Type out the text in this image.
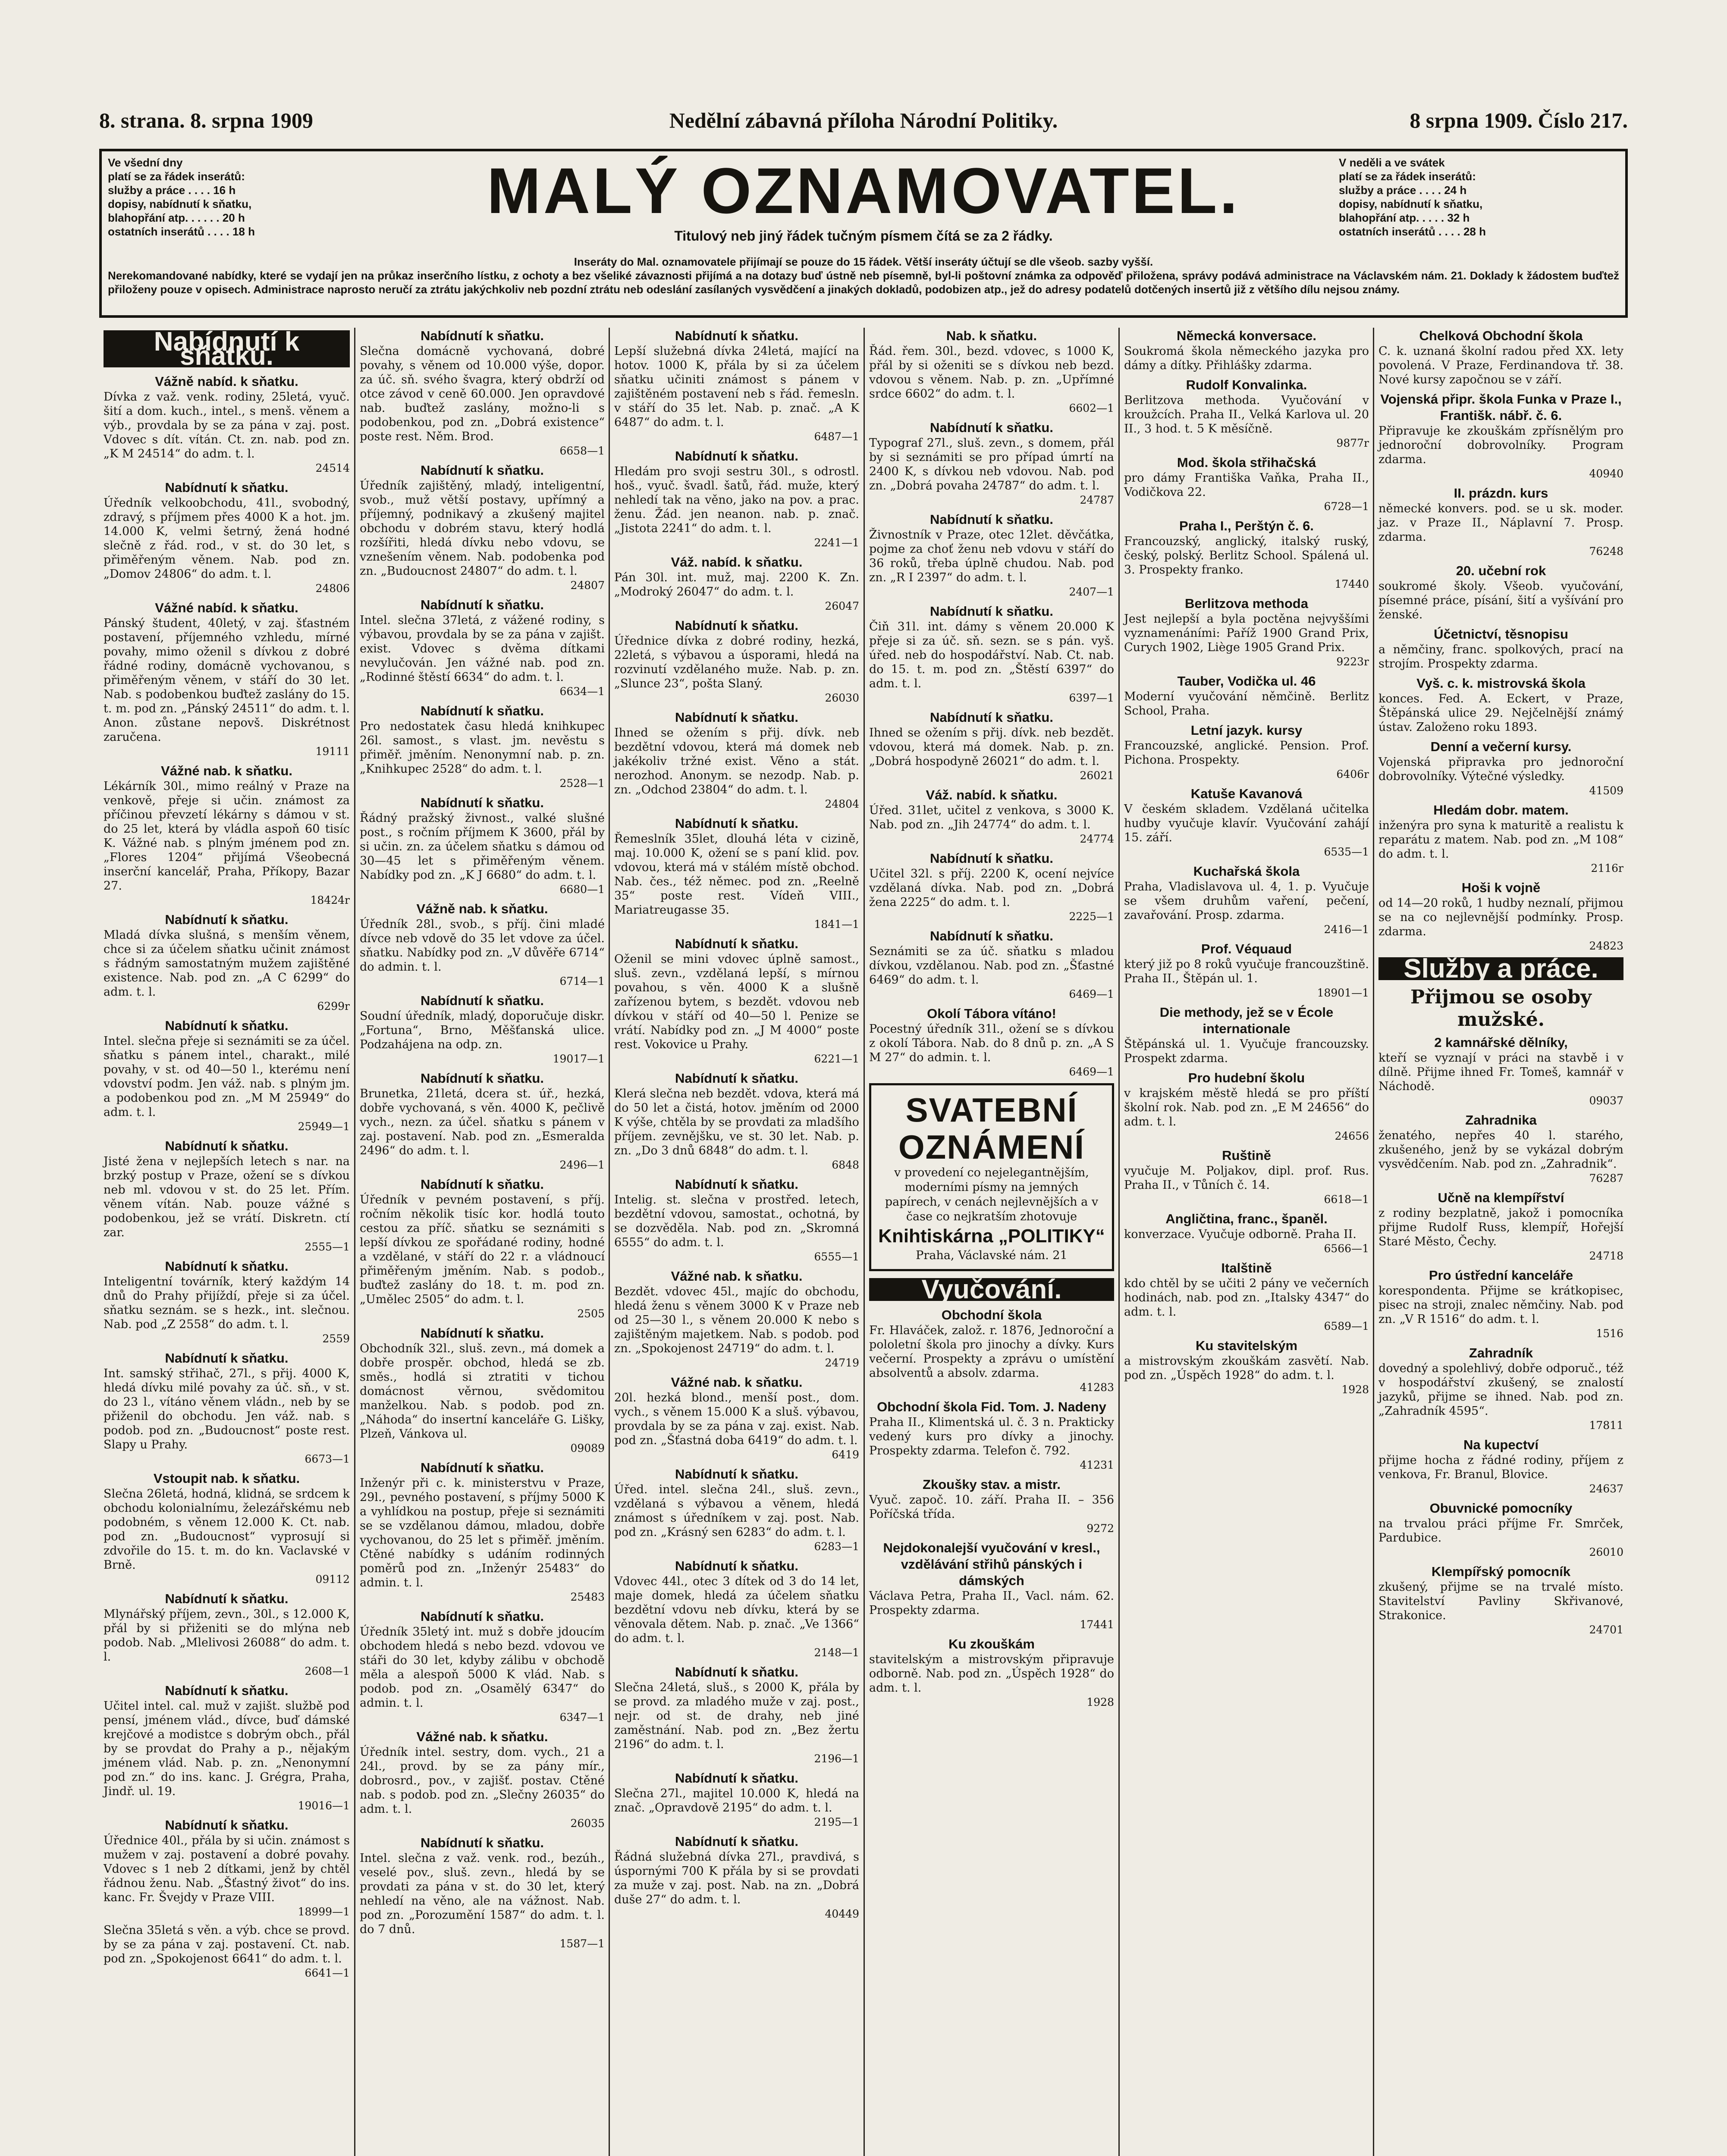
8. strana. 8. srpna 1909	Nedělní zábavná příloha Národní Politiky.	8 srpna 1909. Číslo 217.
Ve všední dny
platí se za řádek inserátů:
služby a práce . . . . 16 h
dopisy, nabídnutí k sňatku,
blahopřání atp. . . . . . 20 h
ostatních inserátů . . . . 18 h
MALÝ OZNAMOVATEL.
Titulový neb jiný řádek tučným písmem čítá se za 2 řádky.
V neděli a ve svátek
platí se za řádek inserátů:
služby a práce . . . . 24 h
dopisy, nabídnutí k sňatku,
blahopřání atp. . . . . 32 h
ostatních inserátů . . . . 28 h
Inseráty do Mal. oznamovatele přijímají se pouze do 15 řádek. Větší inseráty účtují se dle všeob. sazby vyšší.
Nerekomandované nabídky, které se vydají jen na průkaz inserčního lístku, z ochoty a bez všeliké závaznosti přijímá a na dotazy buď ústně neb písemně, byl-li poštovní známka za odpověď přiložena, správy podává administrace na Václavském nám. 21. Doklady k žádostem buďtež přiloženy pouze v opisech. Administrace naprosto neručí za ztrátu jakýchkoliv neb pozdní ztrátu neb odeslání zasílaných vysvědčení a jinakých dokladů, podobizen atp., jež do adresy podatelů dotčených insertů již z většího dílu nejsou známy.
Nabídnutí k sňatku.
Vážně nabíd. k sňatku.
Dívka z važ. venk. rodiny, 25letá, vyuč. šití a dom. kuch., intel., s menš. věnem a výb., provdala by se za pána v zaj. post. Vdovec s dít. vítán. Ct. zn. nab. pod zn. „K M 24514“ do adm. t. l.
24514
Nabídnutí k sňatku.
Úředník velkoobchodu, 41l., svobodný, zdravý, s příjmem přes 4000 K a hot. jm. 14.000 K, velmi šetrný, žená hodné slečně z řád. rod., v st. do 30 let, s přiměřeným věnem. Nab. pod zn. „Domov 24806“ do adm. t. l.
24806
Vážné nabíd. k sňatku.
Pánský študent, 40letý, v zaj. šťastném postavení, příjemného vzhledu, mírné povahy, mimo oženil s dívkou z dobré řádné rodiny, domácně vychovanou, s přiměřeným věnem, v stáří do 30 let. Nab. s podobenkou buďtež zaslány do 15. t. m. pod zn. „Pánský 24511“ do adm. t. l. Anon. zůstane nepovš. Diskrétnost zaručena.
19111
Vážné nab. k sňatku.
Lékárník 30l., mimo reálný v Praze na venkově, přeje si učin. známost za příčinou převzetí lékárny s dámou v st. do 25 let, která by vládla aspoň 60 tisíc K. Vážné nab. s plným jménem pod zn. „Flores 1204“ přijímá Všeobecná inserční kancelář, Praha, Příkopy, Bazar 27.
18424r
Nabídnutí k sňatku.
Mladá dívka slušná, s menším věnem, chce si za účelem sňatku učinit známost s řádným samostatným mužem zajištěné existence. Nab. pod zn. „A C 6299“ do adm. t. l.
6299r
Nabídnutí k sňatku.
Intel. slečna přeje si seznámiti se za účel. sňatku s pánem intel., charakt., milé povahy, v st. od 40—50 l., kterému není vdovství podm. Jen váž. nab. s plným jm. a podobenkou pod zn. „M M 25949“ do adm. t. l.
25949—1
Nabídnutí k sňatku.
Jisté žena v nejlepších letech s nar. na brzký postup v Praze, ožení se s dívkou neb ml. vdovou v st. do 25 let. Přím. věnem vítán. Nab. pouze vážné s podobenkou, jež se vrátí. Diskretn. ctí zar.
2555—1
Nabídnutí k sňatku.
Inteligentní továrník, který každým 14 dnů do Prahy přijíždí, přeje si za účel. sňatku seznám. se s hezk., int. slečnou. Nab. pod „Z 2558“ do adm. t. l.
2559
Nabídnutí k sňatku.
Int. samský střihač, 27l., s přij. 4000 K, hledá dívku milé povahy za úč. sň., v st. do 23 l., vítáno věnem vládn., neb by se přiženil do obchodu. Jen váž. nab. s podob. pod zn. „Budoucnost“ poste rest. Slapy u Prahy.
6673—1
Vstoupit nab. k sňatku.
Slečna 26letá, hodná, klidná, se srdcem k obchodu kolonialnímu, železářskému neb podobném, s věnem 12.000 K. Ct. nab. pod zn. „Budoucnost“ vyprosují si zdvořile do 15. t. m. do kn. Vaclavské v Brně.
09112
Nabídnutí k sňatku.
Mlynářský příjem, zevn., 30l., s 12.000 K, přál by si přiženiti se do mlýna neb podob. Nab. „Mlelivosi 26088“ do adm. t. l.
2608—1
Nabídnutí k sňatku.
Učitel intel. cal. muž v zajišt. službě pod pensí, jménem vlád., dívce, buď dámské krejčové a modistce s dobrým obch., přál by se provdat do Prahy a p., nějakým jménem vlád. Nab. p. zn. „Nenonymní pod zn.“ do ins. kanc. J. Grégra, Praha, Jindř. ul. 19.
19016—1
Nabídnutí k sňatku.
Úřednice 40l., přála by si učin. známost s mužem v zaj. postavení a dobré povahy. Vdovec s 1 neb 2 dítkami, jenž by chtěl řádnou ženu. Nab. „Šťastný život“ do ins. kanc. Fr. Švejdy v Praze VIII.
18999—1
Slečna 35letá s věn. a výb. chce se provd. by se za pána v zaj. postavení. Ct. nab. pod zn. „Spokojenost 6641“ do adm. t. l.
6641—1
Nabídnutí k sňatku.
Slečna domácně vychovaná, dobré povahy, s věnem od 10.000 výše, dopor. za úč. sň. svého švagra, který obdrží od otce závod v ceně 60.000. Jen opravdové nab. buďtež zaslány, možno-li s podobenkou, pod zn. „Dobrá existence“ poste rest. Něm. Brod.
6658—1
Nabídnutí k sňatku.
Úředník zajištěný, mladý, inteligentní, svob., muž větší postavy, upřímný a příjemný, podnikavý a zkušený majitel obchodu v dobrém stavu, který hodlá rozšířiti, hledá dívku nebo vdovu, se vznešením věnem. Nab. podobenka pod zn. „Budoucnost 24807“ do adm. t. l.
24807
Nabídnutí k sňatku.
Intel. slečna 37letá, z vážené rodiny, s výbavou, provdala by se za pána v zajišt. exist. Vdovec s dvěma dítkami nevylučován. Jen vážné nab. pod zn. „Rodinné štěstí 6634“ do adm. t. l.
6634—1
Nabídnutí k sňatku.
Pro nedostatek času hledá knihkupec 26l. samost., s vlast. jm. nevěstu s přiměř. jměním. Nenonymní nab. p. zn. „Knihkupec 2528“ do adm. t. l.
2528—1
Nabídnutí k sňatku.
Řádný pražský živnost., valké slušné post., s ročním příjmem K 3600, přál by si učin. zn. za účelem sňatku s dámou od 30—45 let s přiměřeným věnem. Nabídky pod zn. „K J 6680“ do adm. t. l.
6680—1
Vážně nab. k sňatku.
Úředník 28l., svob., s příj. čini mladé dívce neb vdově do 35 let vdove za účel. sňatku. Nabídky pod zn. „V důvěře 6714“ do admin. t. l.
6714—1
Nabídnutí k sňatku.
Soudní úředník, mladý, doporučuje diskr. „Fortuna“, Brno, Měšťanská ulice. Podzahájena na odp. zn.
19017—1
Nabídnutí k sňatku.
Brunetka, 21letá, dcera st. úř., hezká, dobře vychovaná, s věn. 4000 K, pečlivě vych., nezn. za účel. sňatku s pánem v zaj. postavení. Nab. pod zn. „Esmeralda 2496“ do adm. t. l.
2496—1
Nabídnutí k sňatku.
Úředník v pevném postavení, s příj. ročním několik tisíc kor. hodlá touto cestou za příč. sňatku se seznámiti s lepší dívkou ze spořádané rodiny, hodné a vzdělané, v stáří do 22 r. a vládnoucí přiměřeným jměním. Nab. s podob., buďtež zaslány do 18. t. m. pod zn. „Umělec 2505“ do adm. t. l.
2505
Nabídnutí k sňatku.
Obchodník 32l., sluš. zevn., má domek a dobře prospěr. obchod, hledá se zb. směs., hodlá si ztratiti v tichou domácnost věrnou, svědomitou manželkou. Nab. s podob. pod zn. „Náhoda“ do insertní kanceláře G. Lišky, Plzeň, Vánkova ul.
09089
Nabídnutí k sňatku.
Inženýr při c. k. ministerstvu v Praze, 29l., pevného postavení, s příjmy 5000 K a vyhlídkou na postup, přeje si seznámiti se se vzdělanou dámou, mladou, dobře vychovanou, do 25 let s přiměř. jměním. Ctěné nabídky s udáním rodinných poměrů pod zn. „Inženýr 25483“ do admin. t. l.
25483
Nabídnutí k sňatku.
Úředník 35letý int. muž s dobře jdoucím obchodem hledá s nebo bezd. vdovou ve stáři do 30 let, kdyby zálibu v obchodě měla a alespoň 5000 K vlád. Nab. s podob. pod zn. „Osamělý 6347“ do admin. t. l.
6347—1
Vážné nab. k sňatku.
Úředník intel. sestry, dom. vych., 21 a 24l., provd. by se za pány mír., dobrosrd., pov., v zajišť. postav. Ctěné nab. s podob. pod zn. „Slečny 26035“ do adm. t. l.
26035
Nabídnutí k sňatku.
Intel. slečna z važ. venk. rod., bezúh., veselé pov., sluš. zevn., hledá by se provdati za pána v st. do 30 let, který nehledí na věno, ale na vážnost. Nab. pod zn. „Porozumění 1587“ do adm. t. l. do 7 dnů.
1587—1
Nabídnutí k sňatku.
Lepší služebná dívka 24letá, mající na hotov. 1000 K, přála by si za účelem sňatku učiniti známost s pánem v zajištěném postavení neb s řád. řemesln. v stáří do 35 let. Nab. p. znač. „A K 6487“ do adm. t. l.
6487—1
Nabídnutí k sňatku.
Hledám pro svoji sestru 30l., s odrostl. hoš., vyuč. švadl. šatů, řád. muže, který nehledí tak na věno, jako na pov. a prac. ženu. Žád. jen neanon. nab. p. znač. „Jistota 2241“ do adm. t. l.
2241—1
Váž. nabíd. k sňatku.
Pán 30l. int. muž, maj. 2200 K. Zn. „Modroký 26047“ do adm. t. l.
26047
Nabídnutí k sňatku.
Úřednice dívka z dobré rodiny, hezká, 22letá, s výbavou a úsporami, hledá na rozvinutí vzdělaného muže. Nab. p. zn. „Slunce 23“, pošta Slaný.
26030
Nabídnutí k sňatku.
Ihned se ožením s přij. dívk. neb bezdětní vdovou, která má domek neb jakékoliv tržné exist. Věno a stát. nerozhod. Anonym. se nezodp. Nab. p. zn. „Odchod 23804“ do adm. t. l.
24804
Nabídnutí k sňatku.
Řemeslník 35let, dlouhá léta v cizině, maj. 10.000 K, ožení se s paní klid. pov. vdovou, která má v stálém místě obchod. Nab. čes., též němec. pod zn. „Reelně 35“ poste rest. Vídeň VIII., Mariatreugasse 35.
1841—1
Nabídnutí k sňatku.
Oženil se mini vdovec úplně samost., sluš. zevn., vzdělaná lepší, s mírnou povahou, s věn. 4000 K a slušně zařízenou bytem, s bezdět. vdovou neb dívkou v stáří od 40—50 l. Penize se vrátí. Nabídky pod zn. „J M 4000“ poste rest. Vokovice u Prahy.
6221—1
Nabídnutí k sňatku.
Klerá slečna neb bezdět. vdova, která má do 50 let a čistá, hotov. jměním od 2000 K výše, chtěla by se provdati za mladšího příjem. zevnějšku, ve st. 30 let. Nab. p. zn. „Do 3 dnů 6848“ do adm. t. l.
6848
Nabídnutí k sňatku.
Intelig. st. slečna v prostřed. letech, bezdětní vdovou, samostat., ochotná, by se dozvěděla. Nab. pod zn. „Skromná 6555“ do adm. t. l.
6555—1
Vážné nab. k sňatku.
Bezdět. vdovec 45l., majíc do obchodu, hledá ženu s věnem 3000 K v Praze neb od 25—30 l., s věnem 20.000 K nebo s zajištěným majetkem. Nab. s podob. pod zn. „Spokojenost 24719“ do adm. t. l.
24719
Vážné nab. k sňatku.
20l. hezká blond., menší post., dom. vych., s věnem 15.000 K a sluš. výbavou, provdala by se za pána v zaj. exist. Nab. pod zn. „Šťastná doba 6419“ do adm. t. l.
6419
Nabídnutí k sňatku.
Úřed. intel. slečna 24l., sluš. zevn., vzdělaná s výbavou a věnem, hledá známost s úředníkem v zaj. post. Nab. pod zn. „Krásný sen 6283“ do adm. t. l.
6283—1
Nabídnutí k sňatku.
Vdovec 44l., otec 3 dítek od 3 do 14 let, maje domek, hledá za účelem sňatku bezdětní vdovu neb dívku, která by se věnovala dětem. Nab. p. znač. „Ve 1366“ do adm. t. l.
2148—1
Nabídnutí k sňatku.
Slečna 24letá, sluš., s 2000 K, přála by se provd. za mladého muže v zaj. post., nejr. od st. de drahy, neb jiné zaměstnání. Nab. pod zn. „Bez žertu 2196“ do adm. t. l.
2196—1
Nabídnutí k sňatku.
Slečna 27l., majitel 10.000 K, hledá na znač. „Opravdově 2195“ do adm. t. l.
2195—1
Nabídnutí k sňatku.
Řádná služebná dívka 27l., pravdivá, s úspornými 700 K přála by si se provdati za muže v zaj. post. Nab. na zn. „Dobrá duše 27“ do adm. t. l.
40449
Nab. k sňatku.
Řád. řem. 30l., bezd. vdovec, s 1000 K, přál by si oženiti se s dívkou neb bezd. vdovou s věnem. Nab. p. zn. „Upřímné srdce 6602“ do adm. t. l.
6602—1
Nabídnutí k sňatku.
Typograf 27l., sluš. zevn., s domem, přál by si seznámiti se pro případ úmrtí na 2400 K, s dívkou neb vdovou. Nab. pod zn. „Dobrá povaha 24787“ do adm. t. l.
24787
Nabídnutí k sňatku.
Živnostník v Praze, otec 12let. děvčátka, pojme za choť ženu neb vdovu v stáří do 36 roků, třeba úplně chudou. Nab. pod zn. „R I 2397“ do adm. t. l.
2407—1
Nabídnutí k sňatku.
Čiň 31l. int. dámy s věnem 20.000 K přeje si za úč. sň. sezn. se s pán. vyš. úřed. neb do hospodářství. Nab. Ct. nab. do 15. t. m. pod zn. „Štěstí 6397“ do adm. t. l.
6397—1
Nabídnutí k sňatku.
Ihned se ožením s přij. dívk. neb bezdět. vdovou, která má domek. Nab. p. zn. „Dobrá hospodyně 26021“ do adm. t. l.
26021
Váž. nabíd. k sňatku.
Úřed. 31let, učitel z venkova, s 3000 K. Nab. pod zn. „Jih 24774“ do adm. t. l.
24774
Nabídnutí k sňatku.
Učitel 32l. s příj. 2200 K, ocení nejvíce vzdělaná dívka. Nab. pod zn. „Dobrá žena 2225“ do adm. t. l.
2225—1
Nabídnutí k sňatku.
Seznámiti se za úč. sňatku s mladou dívkou, vzdělanou. Nab. pod zn. „Šťastné 6469“ do adm. t. l.
6469—1
Okolí Tábora vítáno!
Pocestný úředník 31l., ožení se s dívkou z okolí Tábora. Nab. do 8 dnů p. zn. „A S M 27“ do admin. t. l.
6469—1
SVATEBNÍ OZNÁMENÍ
v provedení co nejelegantnějším, moderními písmy na jemných papírech, v cenách nejlevnějších a v čase co nejkratším zhotovuje
Knihtiskárna „POLITIKY“
Praha, Václavské nám. 21
Vyučování.
Obchodní škola
Fr. Hlaváček, založ. r. 1876, Jednoroční a pololetní škola pro jinochy a dívky. Kurs večerní. Prospekty a zprávu o umístění absolventů a absolv. zdarma.
41283
Obchodní škola Fid. Tom. J. Nadeny
Praha II., Klimentská ul. č. 3 n. Prakticky vedený kurs pro dívky a jinochy. Prospekty zdarma. Telefon č. 792.
41231
Zkoušky stav. a mistr.
Vyuč. započ. 10. září. Praha II. – 356 Poříčská třída.
9272
Nejdokonalejší vyučování v kresl., vzdělávání střihů pánských i dámských
Václava Petra, Praha II., Vacl. nám. 62. Prospekty zdarma.
17441
Ku zkouškám
stavitelským a mistrovským připravuje odborně. Nab. pod zn. „Úspěch 1928“ do adm. t. l.
1928
Německá konversace.
Soukromá škola německého jazyka pro dámy a dítky. Přihlášky zdarma.
Rudolf Konvalinka.
Berlitzova methoda. Vyučování v kroužcích. Praha II., Velká Karlova ul. 20 II., 3 hod. t. 5 K měsíčně.
9877r
Mod. škola střihačská
pro dámy Františka Vaňka, Praha II., Vodičkova 22.
6728—1
Praha I., Perštýn č. 6.
Francouzský, anglický, italský ruský, český, polský. Berlitz School. Spálená ul. 3. Prospekty franko.
17440
Berlitzova methoda
Jest nejlepší a byla poctěna nejvyššími vyznamenáními: Paříž 1900 Grand Prix, Curych 1902, Liège 1905 Grand Prix.
9223r
Tauber, Vodička ul. 46
Moderní vyučování němčině. Berlitz School, Praha.
Letní jazyk. kursy
Francouzské, anglické. Pension. Prof. Pichona. Prospekty.
6406r
Katuše Kavanová
V českém skladem. Vzdělaná učitelka hudby vyučuje klavír. Vyučování zahájí 15. září.
6535—1
Kuchařská škola
Praha, Vladislavova ul. 4, 1. p. Vyučuje se všem druhům vaření, pečení, zavařování. Prosp. zdarma.
2416—1
Prof. Véquaud
který již po 8 roků vyučuje francouzštině. Praha II., Štěpán ul. 1.
18901—1
Die methody, jež se v École internationale
Štěpánská ul. 1. Vyučuje francouzsky. Prospekt zdarma.
Pro hudební školu
v krajském městě hledá se pro příští školní rok. Nab. pod zn. „E M 24656“ do adm. t. l.
24656
Ruštině
vyučuje M. Poljakov, dipl. prof. Rus. Praha II., v Tůních č. 14.
6618—1
Angličtina, franc., španěl.
konverzace. Vyučuje odborně. Praha II.
6566—1
Italštině
kdo chtěl by se učiti 2 pány ve večerních hodinách, nab. pod zn. „Italsky 4347“ do adm. t. l.
6589—1
Ku stavitelským
a mistrovským zkouškám zasvětí. Nab. pod zn. „Úspěch 1928“ do adm. t. l.
1928
Chelková Obchodní škola
C. k. uznaná školní radou před XX. lety povolená. V Praze, Ferdinandova tř. 38. Nové kursy započnou se v září.
Vojenská připr. škola Funka v Praze I., Františk. nábř. č. 6.
Připravuje ke zkouškám zpřísnělým pro jednoroční dobrovolníky. Program zdarma.
40940
II. prázdn. kurs
německé konvers. pod. se u sk. moder. jaz. v Praze II., Náplavní 7. Prosp. zdarma.
76248
20. učební rok
soukromé školy. Všeob. vyučování, písemné práce, písání, šití a vyšívání pro ženské.
Účetnictví, těsnopisu
a němčiny, franc. spolkových, prací na strojím. Prospekty zdarma.
Vyš. c. k. mistrovská škola
konces. Fed. A. Eckert, v Praze, Štěpánská ulice 29. Nejčelnější známý ústav. Založeno roku 1893.
Denní a večerní kursy.
Vojenská připravka pro jednoroční dobrovolníky. Výtečné výsledky.
41509
Hledám dobr. matem.
inženýra pro syna k maturitě a realistu k reparátu z matem. Nab. pod zn. „M 108“ do adm. t. l.
2116r
Hoši k vojně
od 14—20 roků, 1 hudby neznalí, přijmou se na co nejlevnější podmínky. Prosp. zdarma.
24823
Služby a práce.
Přijmou se osoby mužské.
2 kamnářské dělníky,
kteří se vyznají v práci na stavbě i v dílně. Přijme ihned Fr. Tomeš, kamnář v Náchodě.
09037
Zahradnika
ženatého, nepřes 40 l. starého, zkušeného, jenž by se vykázal dobrým vysvědčením. Nab. pod zn. „Zahradnik“.
76287
Učně na klempířství
z rodiny bezplatně, jakož i pomocníka přijme Rudolf Russ, klempíř, Hořejší Staré Město, Čechy.
24718
Pro ústřední kanceláře
korespondenta. Přijme se krátkopisec, pisec na stroji, znalec němčiny. Nab. pod zn. „V R 1516“ do adm. t. l.
1516
Zahradník
dovedný a spolehlivý, dobře odporuč., též v hospodářství zkušený, se znalostí jazyků, přijme se ihned. Nab. pod zn. „Zahradník 4595“.
17811
Na kupectví
přijme hocha z řádné rodiny, příjem z venkova, Fr. Branul, Blovice.
24637
Obuvnické pomocníky
na trvalou práci příjme Fr. Smrček, Pardubice.
26010
Klempířský pomocník
zkušený, přijme se na trvalé místo. Stavitelství Pavliny Skřivanové, Strakonice.
24701
